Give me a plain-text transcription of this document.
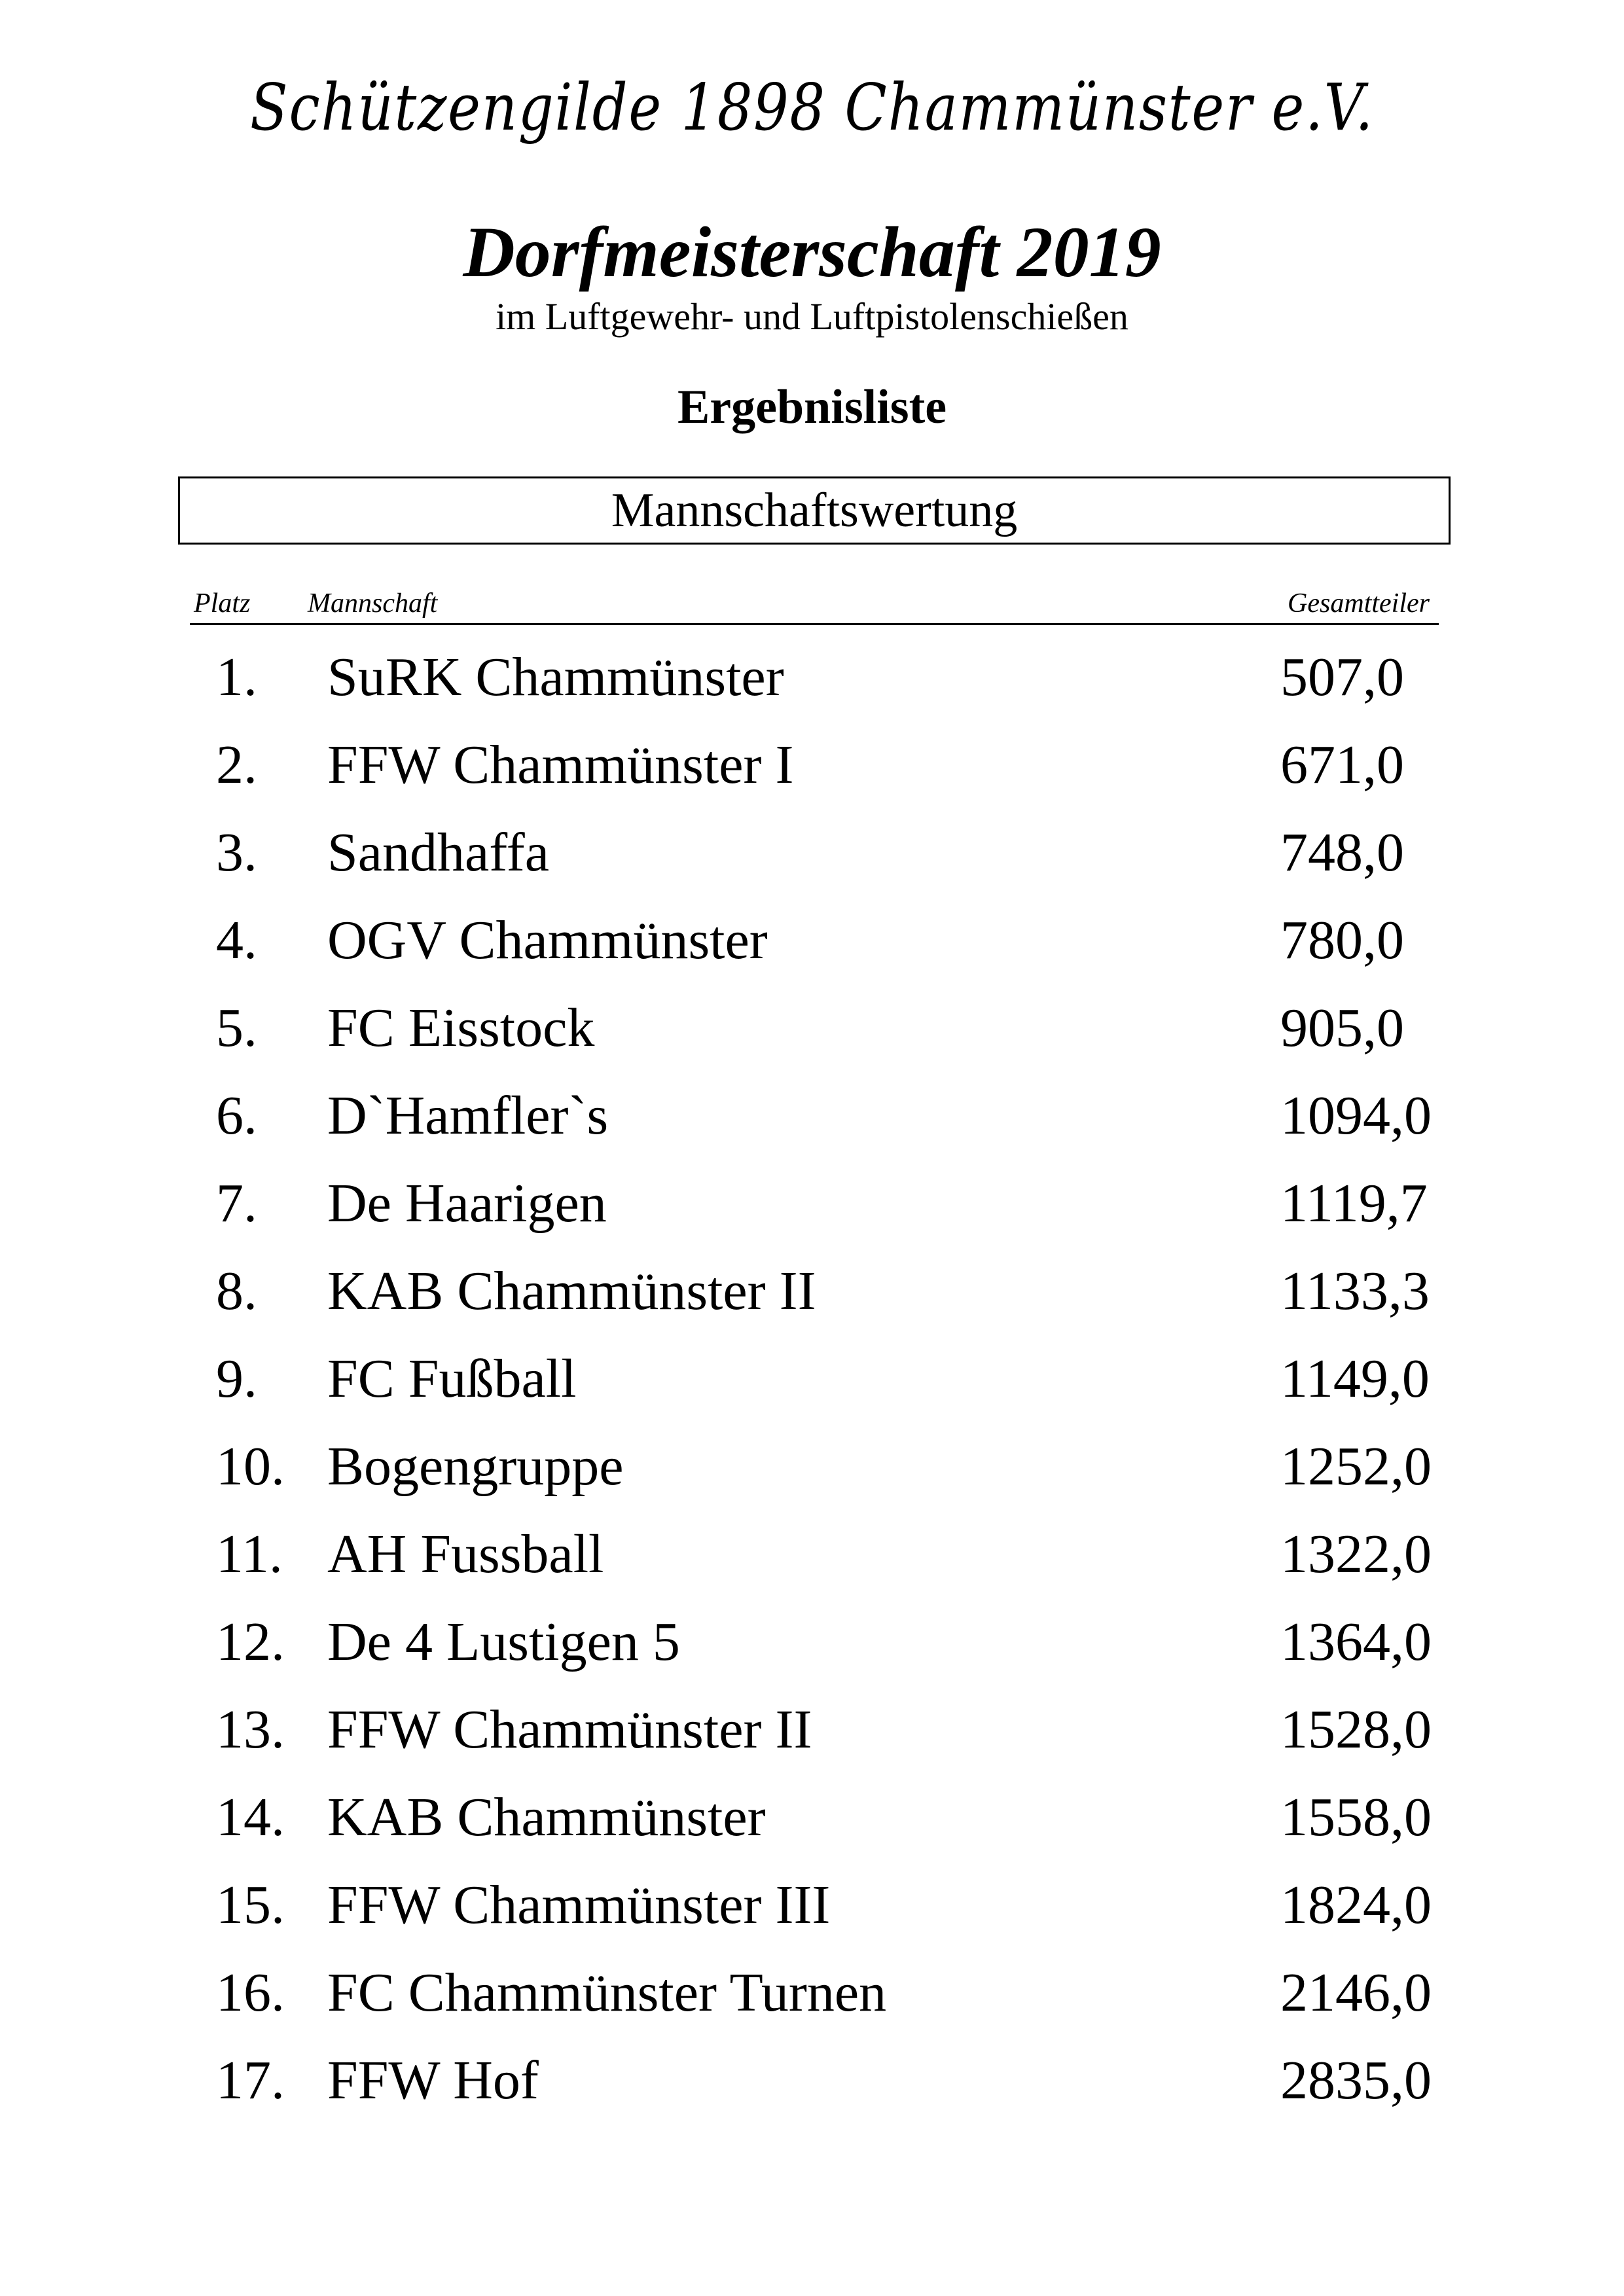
Schützengilde 1898 Chammünster e.V.
Dorfmeisterschaft 2019
im Luftgewehr- und Luftpistolenschießen
Ergebnisliste
Mannschaftswertung
Platz Mannschaft	Gesamtteiler
1. SuRK Chammünster	507,0
2. FFW Chammünster I	671,0
3. Sandhaffa	748,0
4. OGV Chammünster	780,0
5. FC Eisstock	905,0
6. D`Hamfler`s	1094,0
7. De Haarigen	1119,7
8. KAB Chammünster II	1133,3
9. FC Fußball	1149,0
10. Bogengruppe	1252,0
11. AH Fussball	1322,0
12. De 4 Lustigen 5	1364,0
13. FFW Chammünster II	1528,0
14. KAB Chammünster	1558,0
15. FFW Chammünster III	1824,0
16. FC Chammünster Turnen	2146,0
17. FFW Hof	2835,0
